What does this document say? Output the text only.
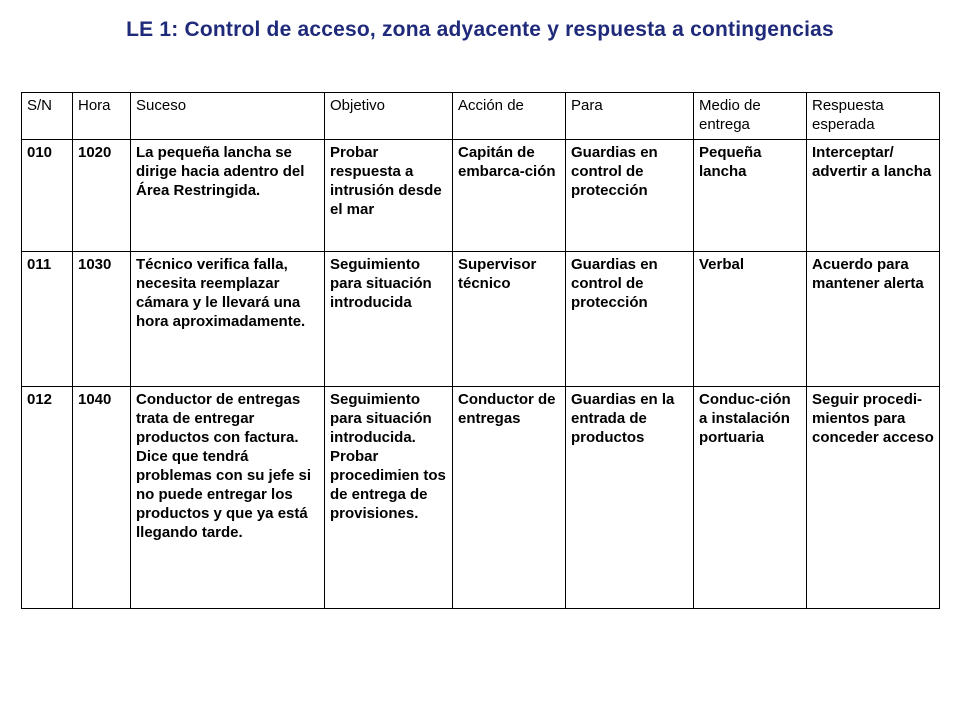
LE 1: Control de acceso, zona adyacente y respuesta a contingencias
S/N	Hora	Suceso	Objetivo	Acción de	Para	Medio de entrega	Respuesta esperada
010	1020	La pequeña lancha se dirige hacia adentro del Área Restringida.	Probar respuesta a intrusión desde el mar	Capitán de embarca-ción	Guardias en control de protección	Pequeña lancha	Interceptar/ advertir a lancha
011	1030	Técnico verifica falla, necesita reemplazar cámara y le llevará una hora aproximadamente.	Seguimiento para situación introducida	Supervisor técnico	Guardias en control de protección	Verbal	Acuerdo para mantener alerta
012	1040	Conductor de entregas trata de entregar productos con factura. Dice que tendrá problemas con su jefe si no puede entregar los productos y que ya está llegando tarde.	Seguimiento para situación introducida. Probar procedimien tos de entrega de provisiones.	Conductor de entregas	Guardias en la entrada de productos	Conduc-ción a instalación portuaria	Seguir procedi-mientos para conceder acceso
